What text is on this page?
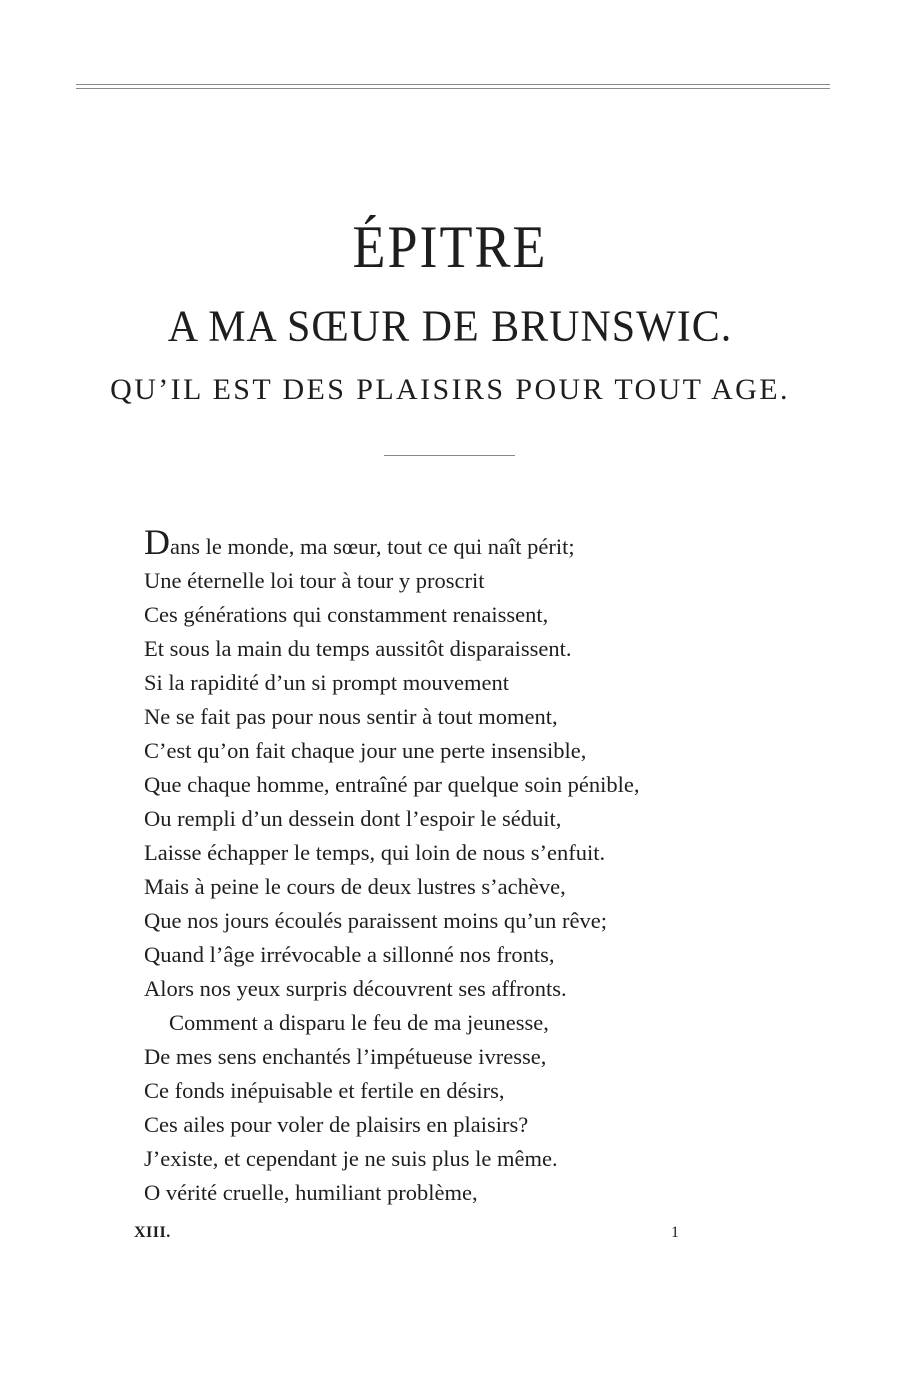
ÉPITRE
A MA SŒUR DE BRUNSWIC.
QU’IL EST DES PLAISIRS POUR TOUT AGE.
Dans le monde, ma sœur, tout ce qui naît périt;
Une éternelle loi tour à tour y proscrit
Ces générations qui constamment renaissent,
Et sous la main du temps aussitôt disparaissent.
Si la rapidité d’un si prompt mouvement
Ne se fait pas pour nous sentir à tout moment,
C’est qu’on fait chaque jour une perte insensible,
Que chaque homme, entraîné par quelque soin pénible,
Ou rempli d’un dessein dont l’espoir le séduit,
Laisse échapper le temps, qui loin de nous s’enfuit.
Mais à peine le cours de deux lustres s’achève,
Que nos jours écoulés paraissent moins qu’un rêve;
Quand l’âge irrévocable a sillonné nos fronts,
Alors nos yeux surpris découvrent ses affronts.
Comment a disparu le feu de ma jeunesse,
De mes sens enchantés l’impétueuse ivresse,
Ce fonds inépuisable et fertile en désirs,
Ces ailes pour voler de plaisirs en plaisirs?
J’existe, et cependant je ne suis plus le même.
O vérité cruelle, humiliant problème,
XIII.	1
